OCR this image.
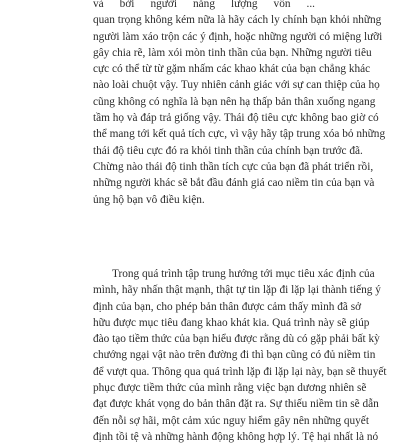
và bởi người năng lượng vốn ...
quan trọng không kém nữa là hãy cách ly chính bạn khỏi những
người làm xáo trộn các ý định, hoặc những người có miệng lưỡi
gây chia rẽ, làm xói mòn tinh thần của bạn. Những người tiêu
cực có thể từ từ gặm nhấm các khao khát của bạn chẳng khác
nào loài chuột vậy. Tuy nhiên cảnh giác với sự can thiệp của họ
cũng không có nghĩa là bạn nên hạ thấp bản thân xuống ngang
tầm họ và đáp trả giống vậy. Thái độ tiêu cực không bao giờ có
thể mang tới kết quả tích cực, vì vậy hãy tập trung xóa bỏ những
thái độ tiêu cực đó ra khỏi tinh thần của chính bạn trước đã.
Chừng nào thái độ tinh thần tích cực của bạn đã phát triển rồi,
những người khác sẽ bắt đầu đánh giá cao niềm tin của bạn và
ủng hộ bạn vô điều kiện.
Trong quá trình tập trung hướng tới mục tiêu xác định của
mình, hãy nhấn thật mạnh, thật tự tin lặp đi lặp lại thành tiếng ý
định của bạn, cho phép bản thân được cảm thấy mình đã sở
hữu được mục tiêu đang khao khát kia. Quá trình này sẽ giúp
đào tạo tiềm thức của bạn hiểu được rằng dù có gặp phải bất kỳ
chướng ngại vật nào trên đường đi thì bạn cũng có đủ niềm tin
để vượt qua. Thông qua quá trình lặp đi lặp lại này, bạn sẽ thuyết
phục được tiềm thức của mình rằng việc bạn dương nhiên sẽ
đạt được khát vọng do bản thân đặt ra. Sự thiếu niềm tin sẽ dẫn
đến nỗi sợ hãi, một cảm xúc nguy hiểm gây nên những quyết
định tồi tệ và những hành động không hợp lý. Tệ hại nhất là nó
